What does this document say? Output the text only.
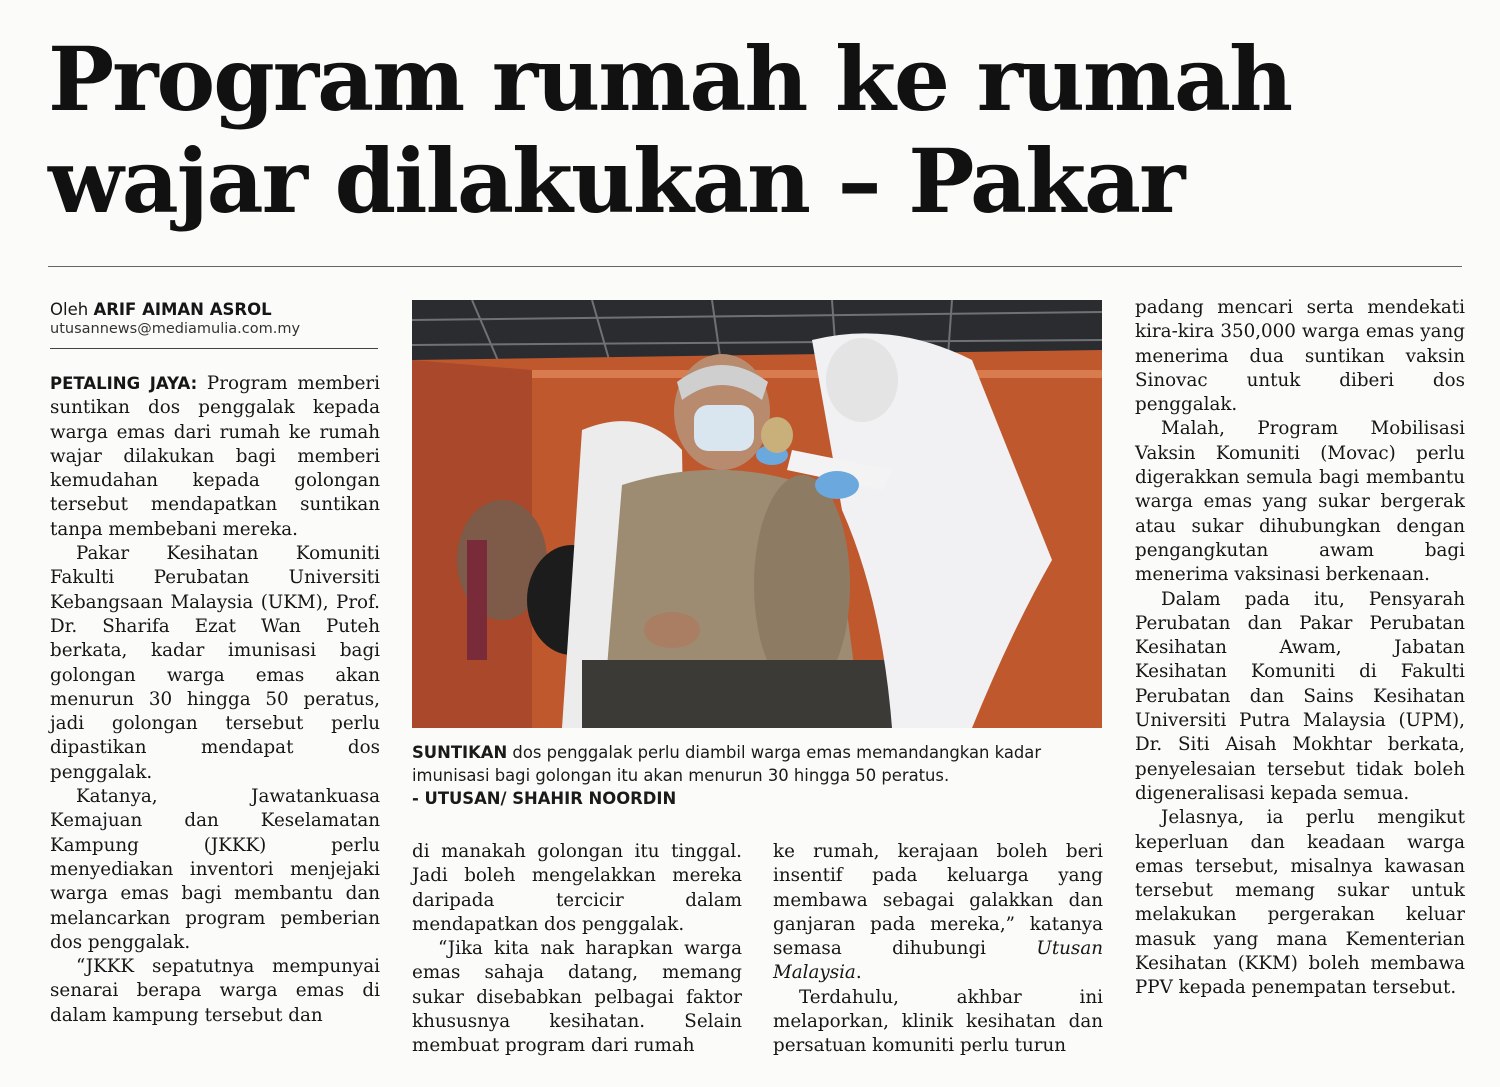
Program rumah ke rumah wajar dilakukan – Pakar

Oleh ARIF AIMAN ASROL

utusannews@mediamulia.com.my

PETALING JAYA: Program memberi suntikan dos penggalak kepada warga emas dari rumah ke rumah wajar dilakukan bagi memberi kemudahan kepada golongan tersebut mendapatkan suntikan tanpa membebani mereka.

Pakar Kesihatan Komuniti Fakulti Perubatan Universiti Kebangsaan Malaysia (UKM), Prof. Dr. Sharifa Ezat Wan Puteh berkata, kadar imunisasi bagi golongan warga emas akan menurun 30 hingga 50 peratus, jadi golongan tersebut perlu dipastikan mendapat dos penggalak.

Katanya, Jawatankuasa Kemajuan dan Keselamatan Kampung (JKKK) perlu menyediakan inventori menjejaki warga emas bagi membantu dan melancarkan program pemberian dos penggalak.

“JKKK sepatutnya mempunyai senarai berapa warga emas di dalam kampung tersebut dan

SUNTIKAN dos penggalak perlu diambil warga emas memandangkan kadar imunisasi bagi golongan itu akan menurun 30 hingga 50 peratus.
- UTUSAN/ SHAHIR NOORDIN

di manakah golongan itu tinggal. Jadi boleh mengelakkan mereka daripada tercicir dalam mendapatkan dos penggalak.

“Jika kita nak harapkan warga emas sahaja datang, memang sukar disebabkan pelbagai faktor khususnya kesihatan. Selain membuat program dari rumah

ke rumah, kerajaan boleh beri insentif pada keluarga yang membawa sebagai galakkan dan ganjaran pada mereka,” katanya semasa dihubungi Utusan Malaysia.

Terdahulu, akhbar ini melaporkan, klinik kesihatan dan persatuan komuniti perlu turun

padang mencari serta mendekati kira-kira 350,000 warga emas yang menerima dua suntikan vaksin Sinovac untuk diberi dos penggalak.

Malah, Program Mobilisasi Vaksin Komuniti (Movac) perlu digerakkan semula bagi membantu warga emas yang sukar bergerak atau sukar dihubungkan dengan pengangkutan awam bagi menerima vaksinasi berkenaan.

Dalam pada itu, Pensyarah Perubatan dan Pakar Perubatan Kesihatan Awam, Jabatan Kesihatan Komuniti di Fakulti Perubatan dan Sains Kesihatan Universiti Putra Malaysia (UPM), Dr. Siti Aisah Mokhtar berkata, penyelesaian tersebut tidak boleh digeneralisasi kepada semua.

Jelasnya, ia perlu mengikut keperluan dan keadaan warga emas tersebut, misalnya kawasan tersebut memang sukar untuk melakukan pergerakan keluar masuk yang mana Kementerian Kesihatan (KKM) boleh membawa PPV kepada penempatan tersebut.
